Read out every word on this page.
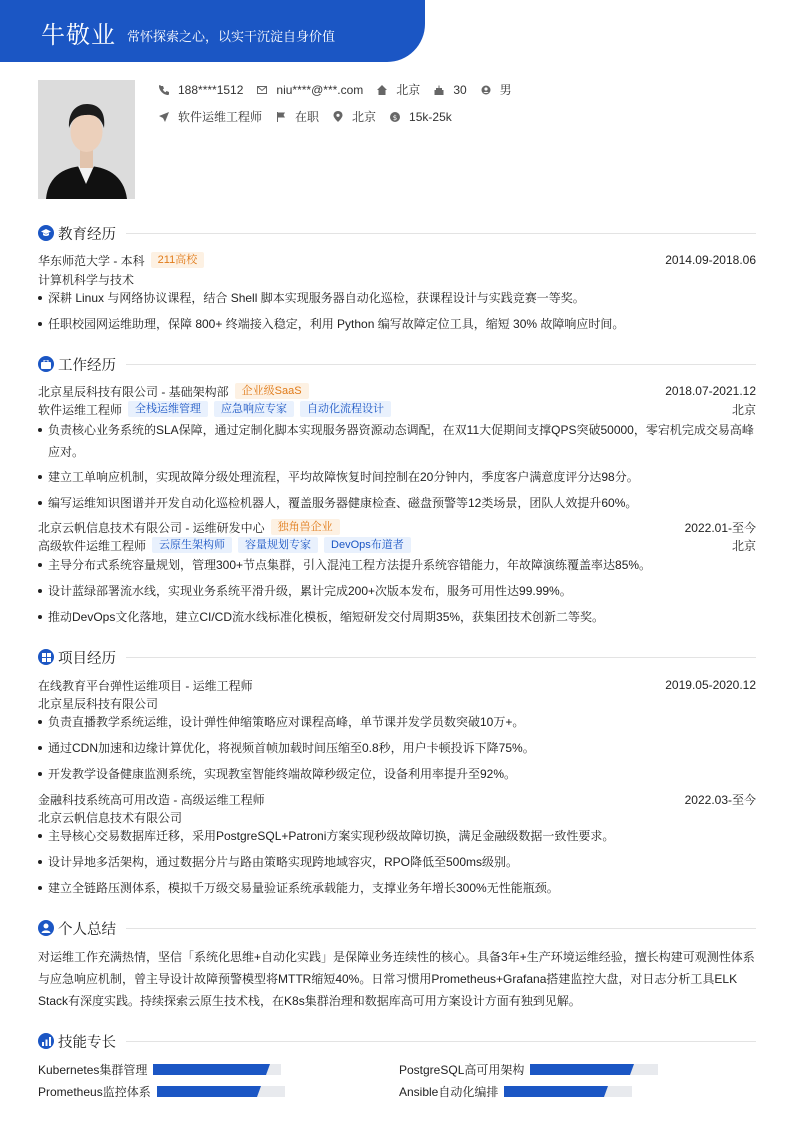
牛敬业 常怀探索之心，以实干沉淀自身价值
188****1512	niu****@***.com	北京	30	男
软件运维工程师	在职	北京 $ 15k-25k
教育经历
华东师范大学 - 本科	211高校	2014.09-2018.06
计算机科学与技术
深耕 Linux 与网络协议课程，结合 Shell 脚本实现服务器自动化巡检，获课程设计与实践竞赛一等奖。
任职校园网运维助理，保障 800+ 终端接入稳定，利用 Python 编写故障定位工具，缩短 30% 故障响应时间。
工作经历
北京星辰科技有限公司 - 基础架构部	企业级SaaS	2018.07-2021.12
软件运维工程师	全栈运维管理	应急响应专家	自动化流程设计	北京
负责核心业务系统的SLA保障，通过定制化脚本实现服务器资源动态调配，在双11大促期间支撑QPS突破50000，零宕机完成交易高峰
应对。
建立工单响应机制，实现故障分级处理流程，平均故障恢复时间控制在20分钟内，季度客户满意度评分达98分。
编写运维知识图谱并开发自动化巡检机器人，覆盖服务器健康检查、磁盘预警等12类场景，团队人效提升60%。
北京云帆信息技术有限公司 - 运维研发中心	独角兽企业	2022.01-至今
高级软件运维工程师	云原生架构师	容量规划专家	DevOps布道者	北京
主导分布式系统容量规划，管理300+节点集群，引入混沌工程方法提升系统容错能力，年故障演练覆盖率达85%。
设计蓝绿部署流水线，实现业务系统平滑升级，累计完成200+次版本发布，服务可用性达99.99%。
推动DevOps文化落地，建立CI/CD流水线标准化模板，缩短研发交付周期35%，获集团技术创新二等奖。
项目经历
在线教育平台弹性运维项目 - 运维工程师	2019.05-2020.12
北京星辰科技有限公司
负责直播教学系统运维，设计弹性伸缩策略应对课程高峰，单节课并发学员数突破10万+。
通过CDN加速和边缘计算优化，将视频首帧加载时间压缩至0.8秒，用户卡顿投诉下降75%。
开发教学设备健康监测系统，实现教室智能终端故障秒级定位，设备利用率提升至92%。
金融科技系统高可用改造 - 高级运维工程师	2022.03-至今
北京云帆信息技术有限公司
主导核心交易数据库迁移，采用PostgreSQL+Patroni方案实现秒级故障切换，满足金融级数据一致性要求。
设计异地多活架构，通过数据分片与路由策略实现跨地域容灾，RPO降低至500ms级别。
建立全链路压测体系，模拟千万级交易量验证系统承载能力，支撑业务年增长300%无性能瓶颈。
个人总结
对运维工作充满热情，坚信「系统化思维+自动化实践」是保障业务连续性的核心。具备3年+生产环境运维经验，擅长构建可观测性体系
与应急响应机制，曾主导设计故障预警模型将MTTR缩短40%。日常习惯用Prometheus+Grafana搭建监控大盘，对日志分析工具ELK
Stack有深度实践。持续探索云原生技术栈，在K8s集群治理和数据库高可用方案设计方面有独到见解。
技能专长
Kubernetes集群管理	PostgreSQL高可用架构
Prometheus监控体系	Ansible自动化编排
